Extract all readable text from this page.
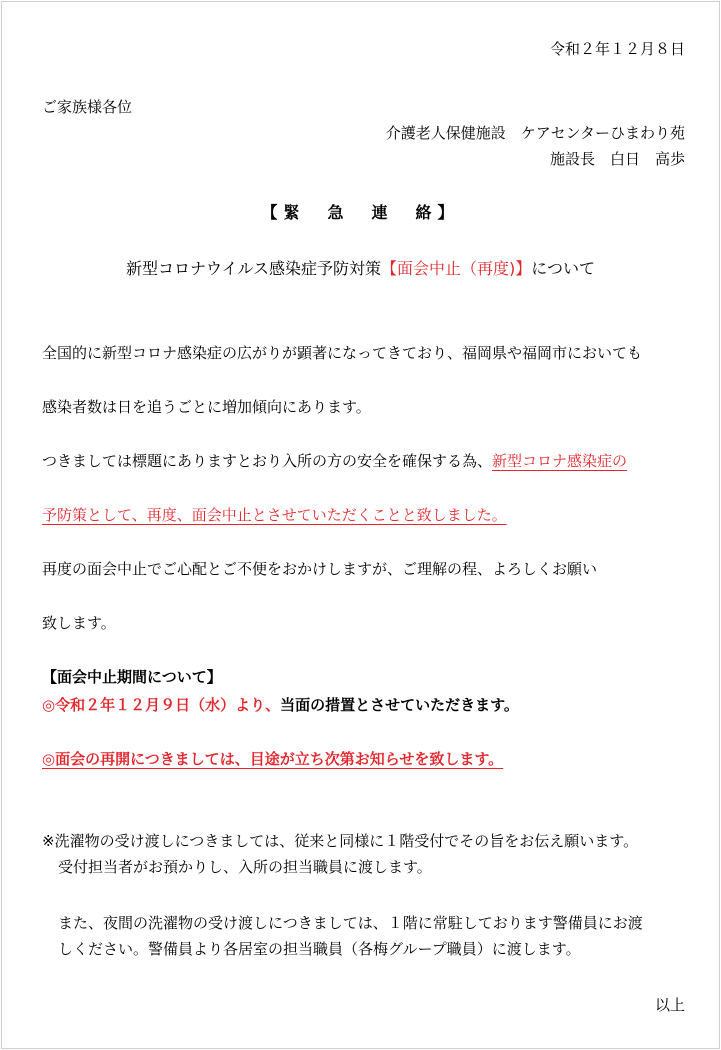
令和２年１２月８日
ご家族様各位
介護老人保健施設　ケアセンターひまわり苑
施設長　白日　高歩
【緊　急　連　絡】
新型コロナウイルス感染症予防対策【面会中止（再度)】について
全国的に新型コロナ感染症の広がりが顕著になってきており、福岡県や福岡市においても
感染者数は日を追うごとに増加傾向にあります。
つきましては標題にありますとおり入所の方の安全を確保する為、新型コロナ感染症の
予防策として、再度、面会中止とさせていただくことと致しました。
再度の面会中止でご心配とご不便をおかけしますが、ご理解の程、よろしくお願い
致します。
【面会中止期間について】
◎令和２年１２月９日（水）より、当面の措置とさせていただきます。
◎面会の再開につきましては、目途が立ち次第お知らせを致します。
※洗濯物の受け渡しにつきましては、従来と同様に１階受付でその旨をお伝え願います。
受付担当者がお預かりし、入所の担当職員に渡します。
また、夜間の洗濯物の受け渡しにつきましては、１階に常駐しております警備員にお渡
しください。警備員より各居室の担当職員（各梅グループ職員）に渡します。
以上
